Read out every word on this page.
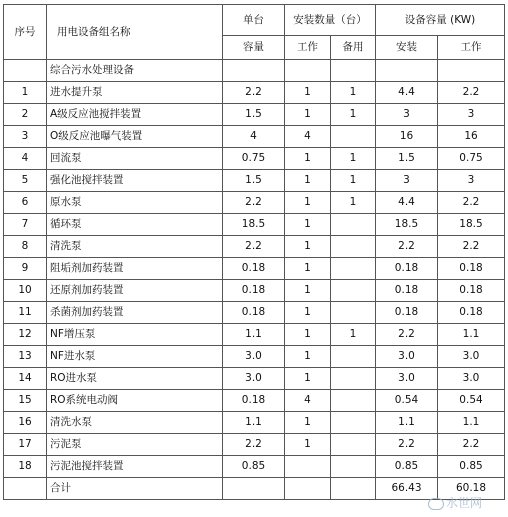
序号	用电设备组名称	单台	安装数量（台）		设备容量 (KW)	
		容量	工作	备用	安装	工作
	综合污水处理设备					
1	进水提升泵	2.2	1	1	4.4	2.2
2	A级反应池搅拌装置	1.5	1	1	3	3
3	O级反应池曝气装置	4	4		16	16
4	回流泵	0.75	1	1	1.5	0.75
5	强化池搅拌装置	1.5	1	1	3	3
6	原水泵	2.2	1	1	4.4	2.2
7	循环泵	18.5	1		18.5	18.5
8	清洗泵	2.2	1		2.2	2.2
9	阻垢剂加药装置	0.18	1		0.18	0.18
10	还原剂加药装置	0.18	1		0.18	0.18
11	杀菌剂加药装置	0.18	1		0.18	0.18
12	NF增压泵	1.1	1	1	2.2	1.1
13	NF进水泵	3.0	1		3.0	3.0
14	RO进水泵	3.0	1		3.0	3.0
15	RO系统电动阀	0.18	4		0.54	0.54
16	清洗水泵	1.1	1		1.1	1.1
17	污泥泵	2.2	1		2.2	2.2
18	污泥池搅拌装置	0.85			0.85	0.85
	合计				66.43	60.18
水世网
